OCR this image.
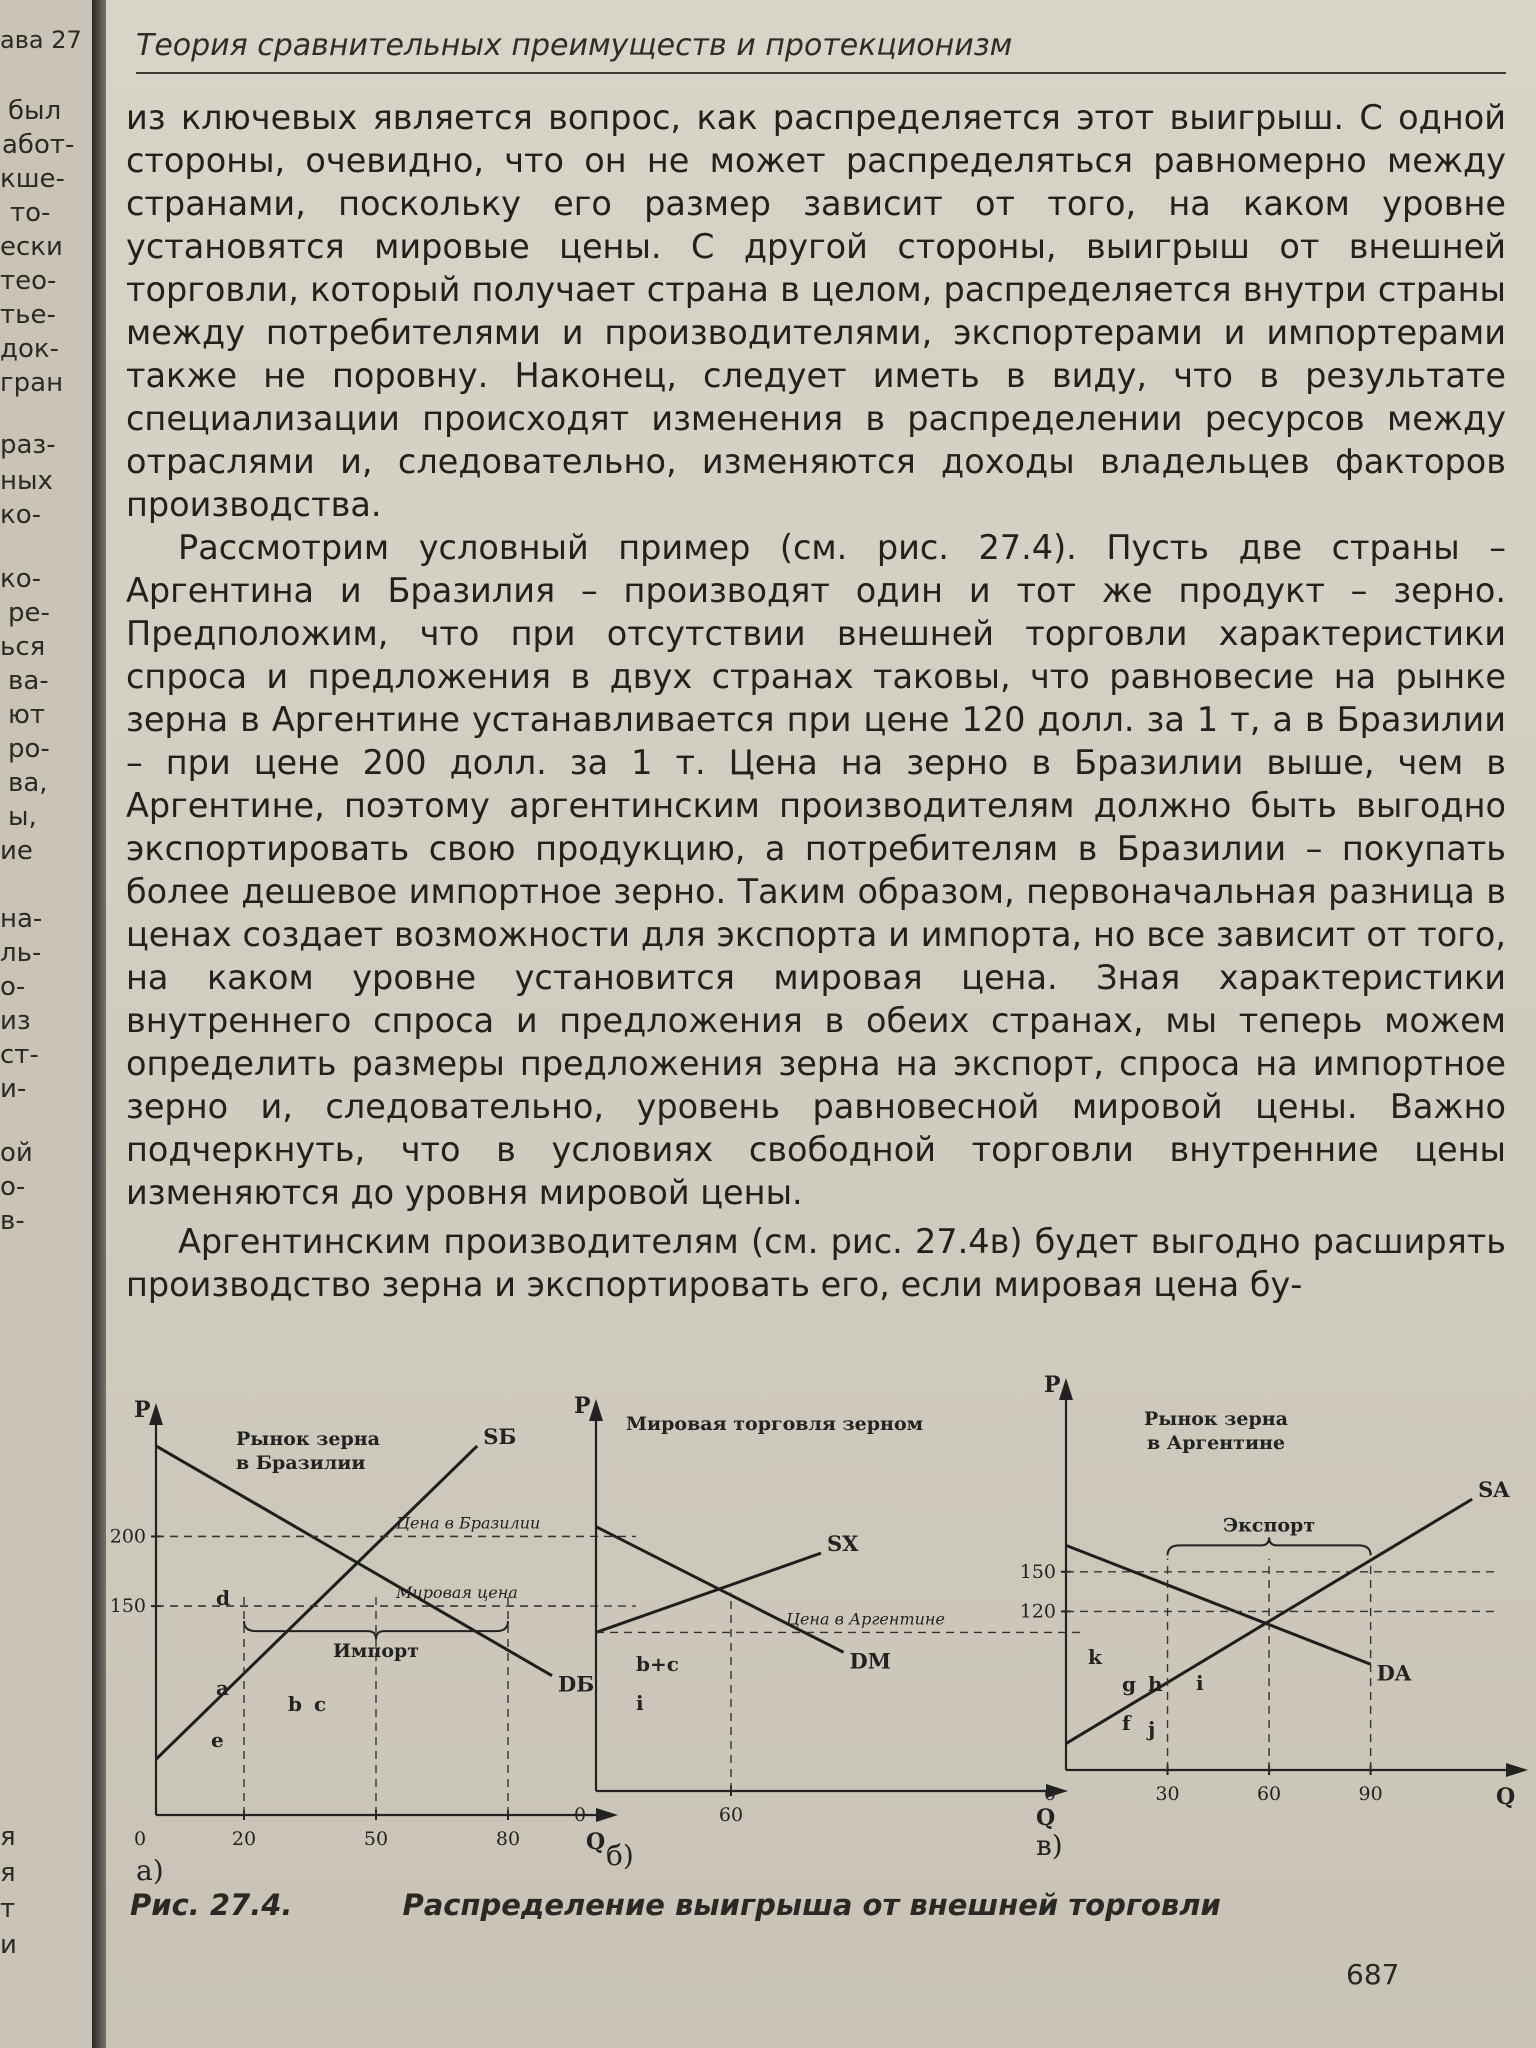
ава 27
был
абот-
кше-
то-
ески
тео-
тье-
док-
гран
раз-
ных
ко-
ко-
ре-
ься
ва-
ют
ро-
ва,
ы,
ие
на-
ль-
о-
из
ст-
и-
ой
о-
в-
я
я
т
и
Теория сравнительных преимуществ и протекционизм

из ключевых является вопрос, как распределяется этот выигрыш. С одной стороны, очевидно, что он не может распределяться равномерно между странами, поскольку его размер зависит от того, на каком уровне установятся мировые цены. С другой стороны, выигрыш от внешней торговли, который получает страна в целом, распределяется внутри страны между потребителями и производителями, экспортерами и импортерами также не поровну. Наконец, следует иметь в виду, что в результате специализации происходят изменения в распределении ресурсов между отраслями и, следовательно, изменяются доходы владельцев факторов производства.

Рассмотрим условный пример (см. рис. 27.4). Пусть две страны – Аргентина и Бразилия – производят один и тот же продукт – зерно. Предположим, что при отсутствии внешней торговли характеристики спроса и предложения в двух странах таковы, что равновесие на рынке зерна в Аргентине устанавливается при цене 120 долл. за 1 т, а в Бразилии – при цене 200 долл. за 1 т. Цена на зерно в Бразилии выше, чем в Аргентине, поэтому аргентинским производителям должно быть выгодно экспортировать свою продукцию, а потребителям в Бразилии – покупать более дешевое импортное зерно. Таким образом, первоначальная разница в ценах создает возможности для экспорта и импорта, но все зависит от того, на каком уровне установится мировая цена. Зная характеристики внутреннего спроса и предложения в обеих странах, мы теперь можем определить размеры предложения зерна на экспорт, спроса на импортное зерно и, следовательно, уровень равновесной мировой цены. Важно подчеркнуть, что в условиях свободной торговли внутренние цены изменяются до уровня мировой цены.

Аргентинским производителям (см. рис. 27.4в) будет выгодно расширять производство зерна и экспортировать его, если мировая цена бу-

P
Q
0
Рынок зерна
в Бразилии
а)
SБ
DБ
150
200
20	50	80
Цена в Бразилии
Мировая цена
Импорт
P
Q
0
Мировая торговля зерном
б)
SX
DM
60
Цена в Аргентине
P
Q
0
Рынок зерна
в Аргентине
в)
SA
DA
120
150
30	60	90
Экспорт
d
a
b c
e
b+c
i
k
g h i
f j
Рис. 27.4.	Распределение выигрыша от внешней торговли
687
